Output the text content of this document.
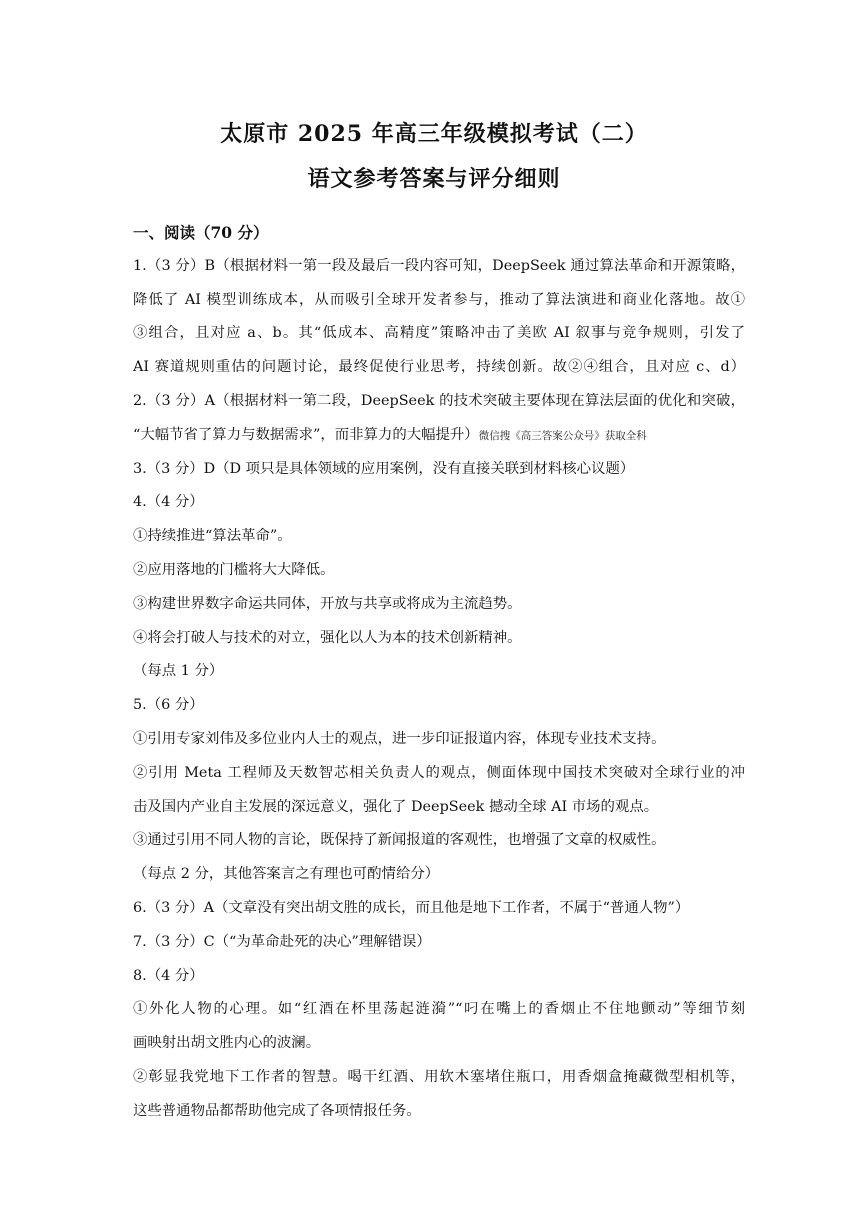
太原市 2025 年高三年级模拟考试（二）
语文参考答案与评分细则
一、阅读（70 分）
1.（3 分）B（根据材料一第一段及最后一段内容可知，DeepSeek 通过算法革命和开源策略，
降低了 AI 模型训练成本，从而吸引全球开发者参与，推动了算法演进和商业化落地。故①
③组合，且对应 a、b。其“低成本、高精度”策略冲击了美欧 AI 叙事与竞争规则，引发了
AI 赛道规则重估的问题讨论，最终促使行业思考，持续创新。故②④组合，且对应 c、d）
2.（3 分）A（根据材料一第二段，DeepSeek 的技术突破主要体现在算法层面的优化和突破，
“大幅节省了算力与数据需求”，而非算力的大幅提升）微信搜《高三答案公众号》获取全科
3.（3 分）D（D 项只是具体领域的应用案例，没有直接关联到材料核心议题）
4.（4 分）
①持续推进“算法革命”。
②应用落地的门槛将大大降低。
③构建世界数字命运共同体，开放与共享或将成为主流趋势。
④将会打破人与技术的对立，强化以人为本的技术创新精神。
（每点 1 分）
5.（6 分）
①引用专家刘伟及多位业内人士的观点，进一步印证报道内容，体现专业技术支持。
②引用 Meta 工程师及天数智芯相关负责人的观点，侧面体现中国技术突破对全球行业的冲
击及国内产业自主发展的深远意义，强化了 DeepSeek 撼动全球 AI 市场的观点。
③通过引用不同人物的言论，既保持了新闻报道的客观性，也增强了文章的权威性。
（每点 2 分，其他答案言之有理也可酌情给分）
6.（3 分）A（文章没有突出胡文胜的成长，而且他是地下工作者，不属于“普通人物”）
7.（3 分）C（“为革命赴死的决心”理解错误）
8.（4 分）
①外化人物的心理。如“红酒在杯里荡起涟漪”“叼在嘴上的香烟止不住地颤动”等细节刻
画映射出胡文胜内心的波澜。
②彰显我党地下工作者的智慧。喝干红酒、用软木塞堵住瓶口，用香烟盒掩藏微型相机等，
这些普通物品都帮助他完成了各项情报任务。
